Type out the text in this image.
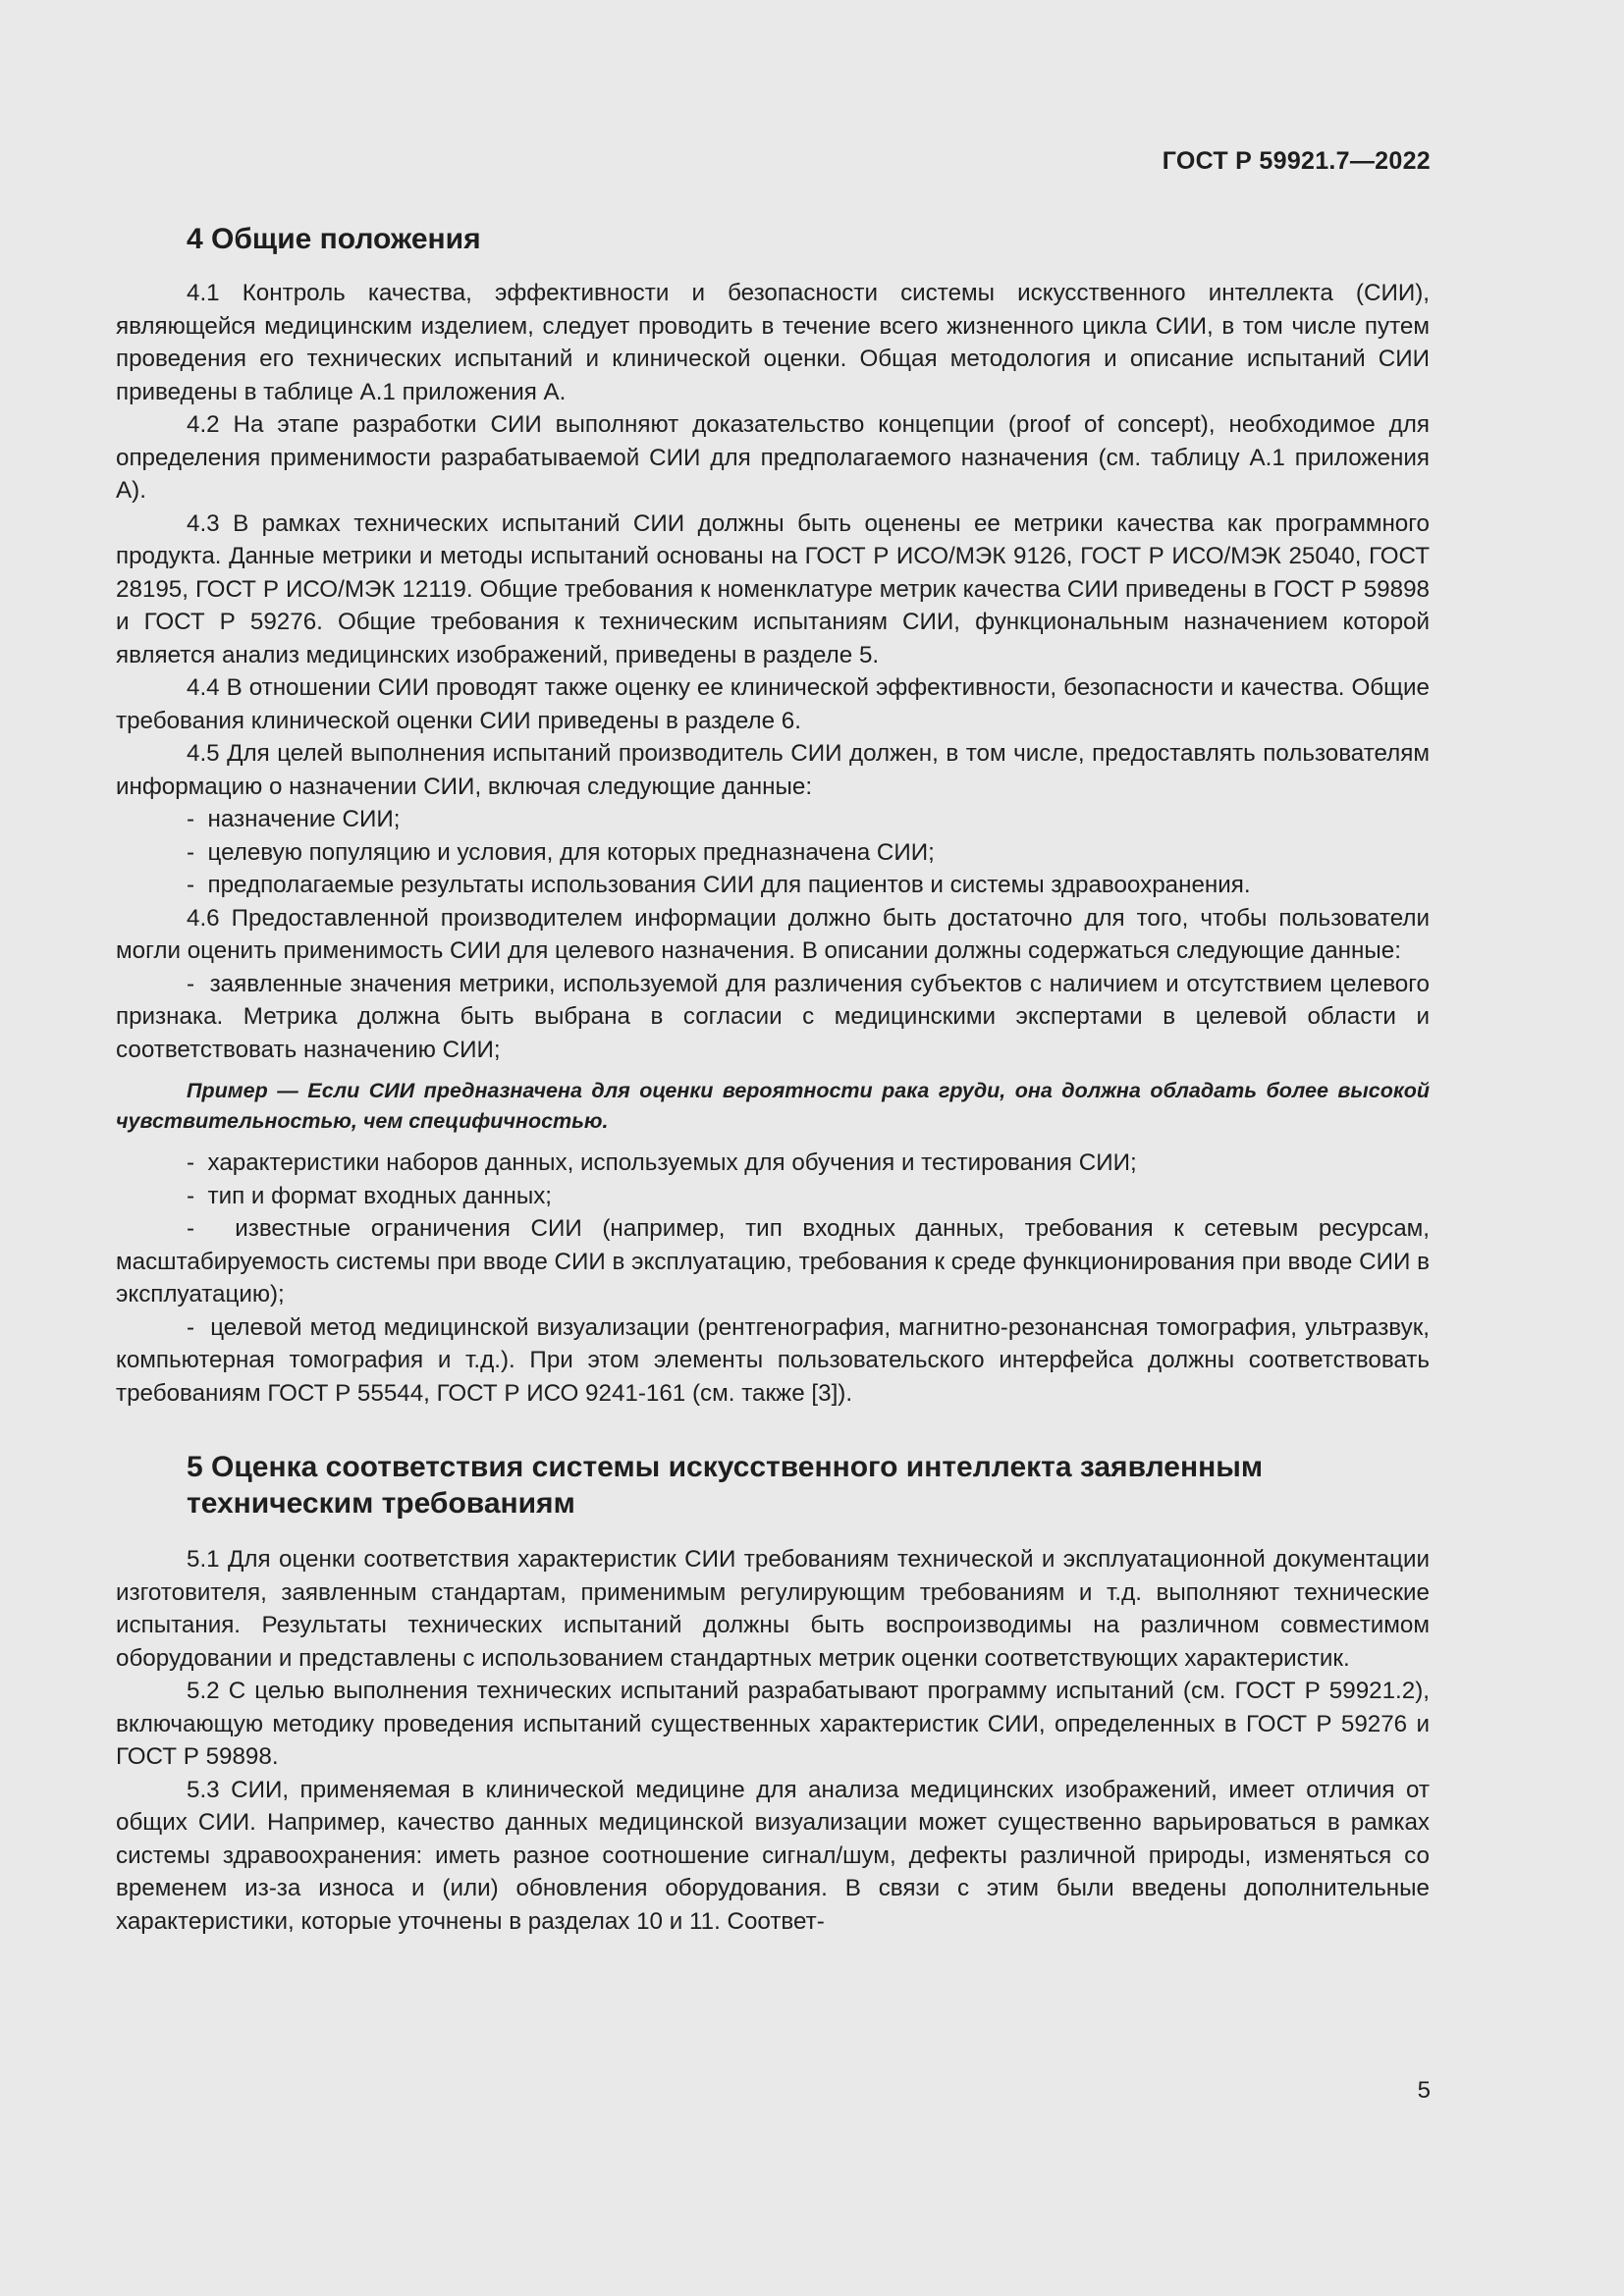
ГОСТ Р 59921.7—2022
4 Общие положения

4.1 Контроль качества, эффективности и безопасности системы искусственного интеллекта (СИИ), являющейся медицинским изделием, следует проводить в течение всего жизненного цикла СИИ, в том числе путем проведения его технических испытаний и клинической оценки. Общая методология и описание испытаний СИИ приведены в таблице А.1 приложения А.

4.2 На этапе разработки СИИ выполняют доказательство концепции (proof of concept), необходимое для определения применимости разрабатываемой СИИ для предполагаемого назначения (см. таблицу А.1 приложения А).

4.3 В рамках технических испытаний СИИ должны быть оценены ее метрики качества как программного продукта. Данные метрики и методы испытаний основаны на ГОСТ Р ИСО/МЭК 9126, ГОСТ Р ИСО/МЭК 25040, ГОСТ 28195, ГОСТ Р ИСО/МЭК 12119. Общие требования к номенклатуре метрик качества СИИ приведены в ГОСТ Р 59898 и ГОСТ Р 59276. Общие требования к техническим испытаниям СИИ, функциональным назначением которой является анализ медицинских изображений, приведены в разделе 5.

4.4 В отношении СИИ проводят также оценку ее клинической эффективности, безопасности и качества. Общие требования клинической оценки СИИ приведены в разделе 6.

4.5 Для целей выполнения испытаний производитель СИИ должен, в том числе, предоставлять пользователям информацию о назначении СИИ, включая следующие данные:

-  назначение СИИ;
-  целевую популяцию и условия, для которых предназначена СИИ;
-  предполагаемые результаты использования СИИ для пациентов и системы здравоохранения.

4.6 Предоставленной производителем информации должно быть достаточно для того, чтобы пользователи могли оценить применимость СИИ для целевого назначения. В описании должны содержаться следующие данные:

-  заявленные значения метрики, используемой для различения субъектов с наличием и отсутствием целевого признака. Метрика должна быть выбрана в согласии с медицинскими экспертами в целевой области и соответствовать назначению СИИ;

Пример — Если СИИ предназначена для оценки вероятности рака груди, она должна обладать более высокой чувствительностью, чем специфичностью.

-  характеристики наборов данных, используемых для обучения и тестирования СИИ;
-  тип и формат входных данных;
-  известные ограничения СИИ (например, тип входных данных, требования к сетевым ресурсам, масштабируемость системы при вводе СИИ в эксплуатацию, требования к среде функционирования при вводе СИИ в эксплуатацию);
-  целевой метод медицинской визуализации (рентгенография, магнитно-резонансная томография, ультразвук, компьютерная томография и т.д.). При этом элементы пользовательского интерфейса должны соответствовать требованиям ГОСТ Р 55544, ГОСТ Р ИСО 9241-161 (см. также [3]).
5 Оценка соответствия системы искусственного интеллекта заявленным техническим требованиям

5.1 Для оценки соответствия характеристик СИИ требованиям технической и эксплуатационной документации изготовителя, заявленным стандартам, применимым регулирующим требованиям и т.д. выполняют технические испытания. Результаты технических испытаний должны быть воспроизводимы на различном совместимом оборудовании и представлены с использованием стандартных метрик оценки соответствующих характеристик.

5.2 С целью выполнения технических испытаний разрабатывают программу испытаний (см. ГОСТ Р 59921.2), включающую методику проведения испытаний существенных характеристик СИИ, определенных в ГОСТ Р 59276 и ГОСТ Р 59898.

5.3 СИИ, применяемая в клинической медицине для анализа медицинских изображений, имеет отличия от общих СИИ. Например, качество данных медицинской визуализации может существенно варьироваться в рамках системы здравоохранения: иметь разное соотношение сигнал/шум, дефекты различной природы, изменяться со временем из-за износа и (или) обновления оборудования. В связи с этим были введены дополнительные характеристики, которые уточнены в разделах 10 и 11. Соответ-

5
